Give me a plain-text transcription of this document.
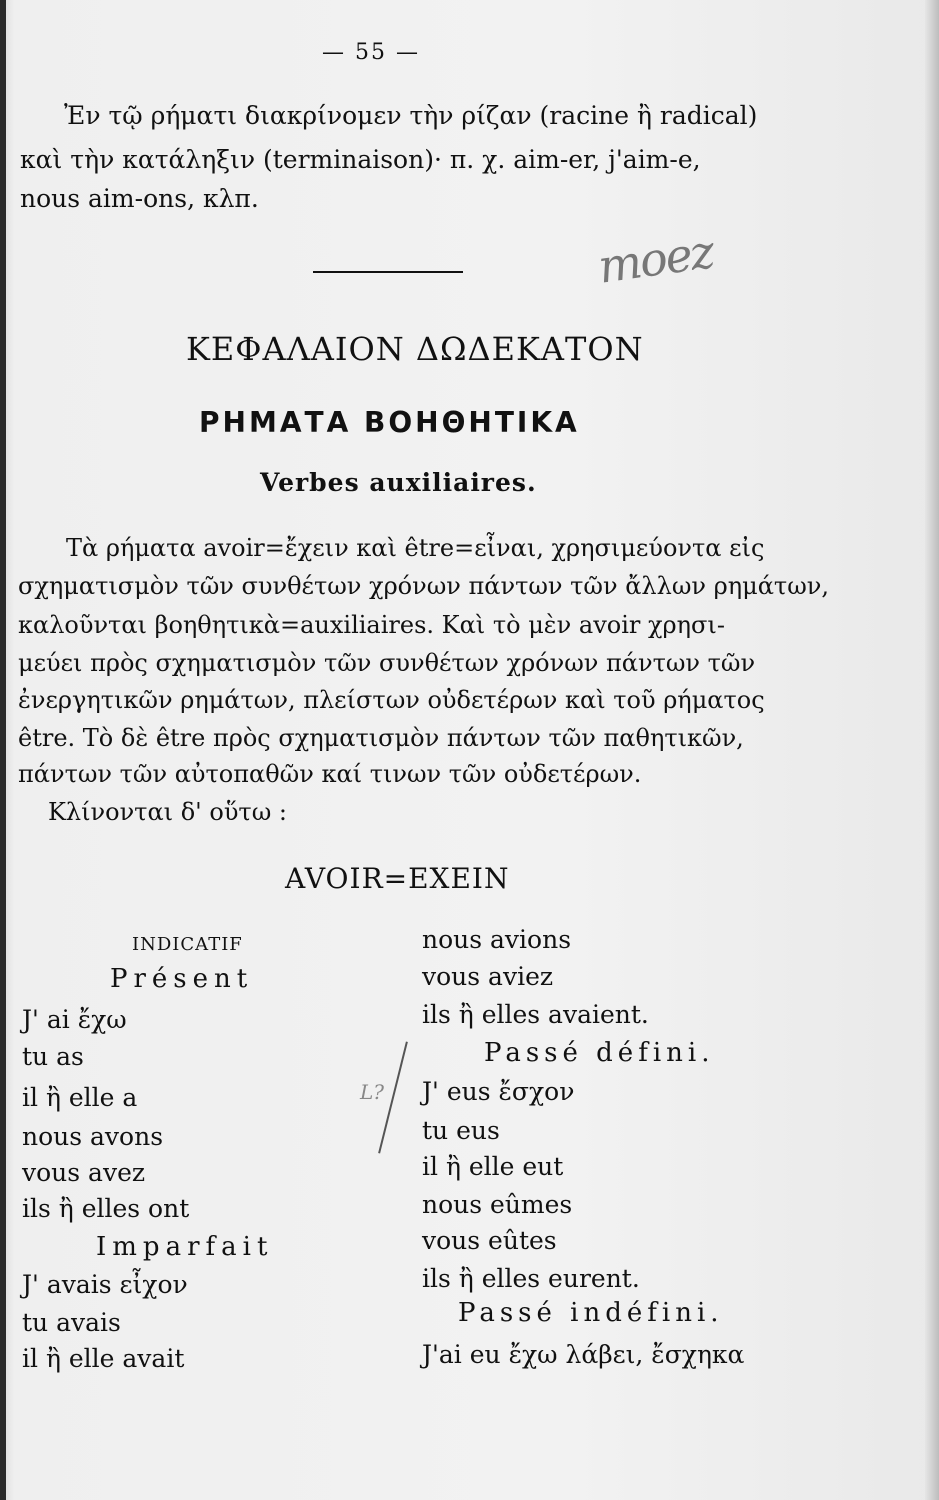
— 55 —
Ἐν τῷ ρήματι διακρίνομεν τὴν ρίζαν (racine ἢ radical)
καὶ τὴν κατάληξιν (terminaison)· π. χ. aim-er, j'aim-e,
nous aim-ons, κλπ.
moez
ΚΕΦΑΛΑΙΟΝ ΔΩΔΕΚΑΤΟΝ
ΡΗΜΑΤΑ ΒΟΗΘΗΤΙΚΑ
Verbes auxiliaires.
Τὰ ρήματα avoir=ἔχειν καὶ être=εἶναι, χρησιμεύοντα εἰς
σχηματισμὸν τῶν συνθέτων χρόνων πάντων τῶν ἄλλων ρημάτων,
καλοῦνται βοηθητικὰ=auxiliaires. Καὶ τὸ μὲν avoir χρησι-
μεύει πρὸς σχηματισμὸν τῶν συνθέτων χρόνων πάντων τῶν
ἐνεργητικῶν ρημάτων, πλείστων οὐδετέρων καὶ τοῦ ρήματος
être. Τὸ δὲ être πρὸς σχηματισμὸν πάντων τῶν παθητικῶν,
πάντων τῶν αὐτοπαθῶν καί τινων τῶν οὐδετέρων.
Κλίνονται δ' οὕτω :
AVOIR=EXEIN
INDICATIF
Présent
J' ai ἔχω
tu as
il ἢ elle a
nous avons
vous avez
ils ἢ elles ont
Imparfait
J' avais εἶχον
tu avais
il ἢ elle avait
L?
nous avions
vous aviez
ils ἢ elles avaient.
Passé défini.
J' eus ἔσχον
tu eus
il ἢ elle eut
nous eûmes
vous eûtes
ils ἢ elles eurent.
Passé indéfini.
J'ai eu ἔχω λάβει, ἔσχηκα
